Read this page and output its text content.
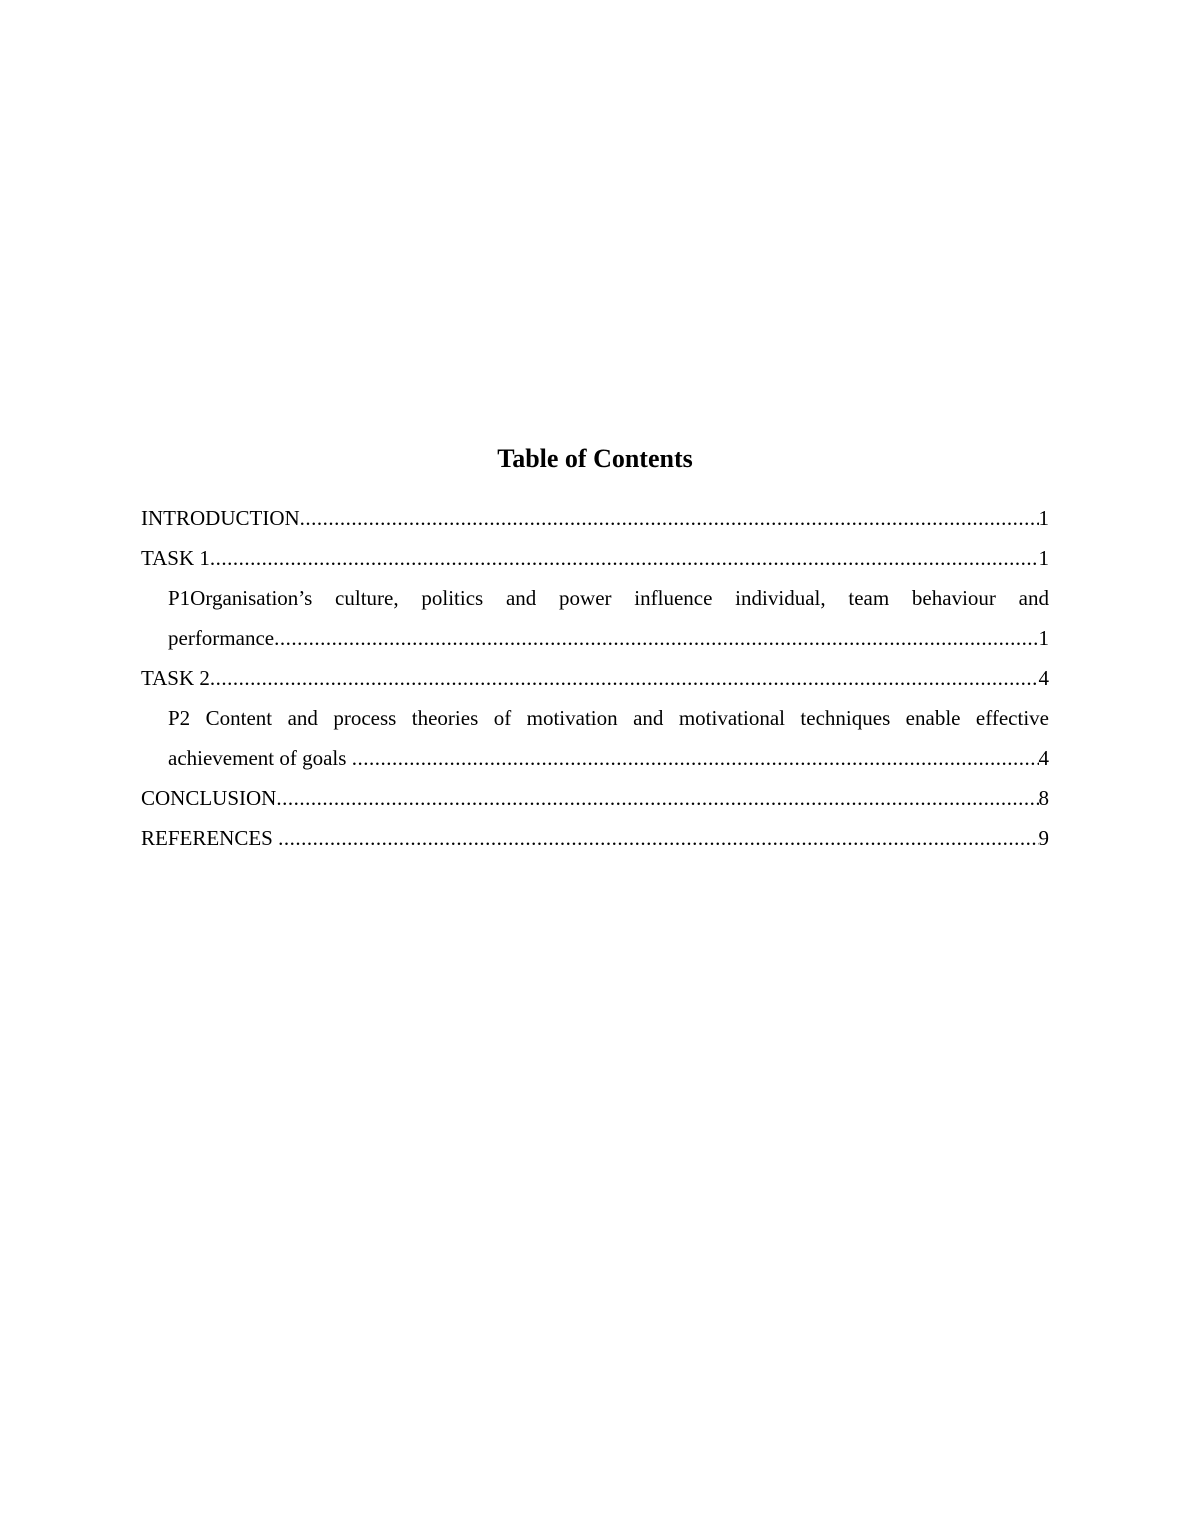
Table of Contents
INTRODUCTION .....	1
TASK 1 .....	1
P1Organisation’s culture, politics and power influence individual, team behaviour and
performance .....	1
TASK 2 .....	4
P2 Content and process theories of motivation and motivational techniques enable effective
achievement of goals .....	4
CONCLUSION .....	8
REFERENCES .....	9
